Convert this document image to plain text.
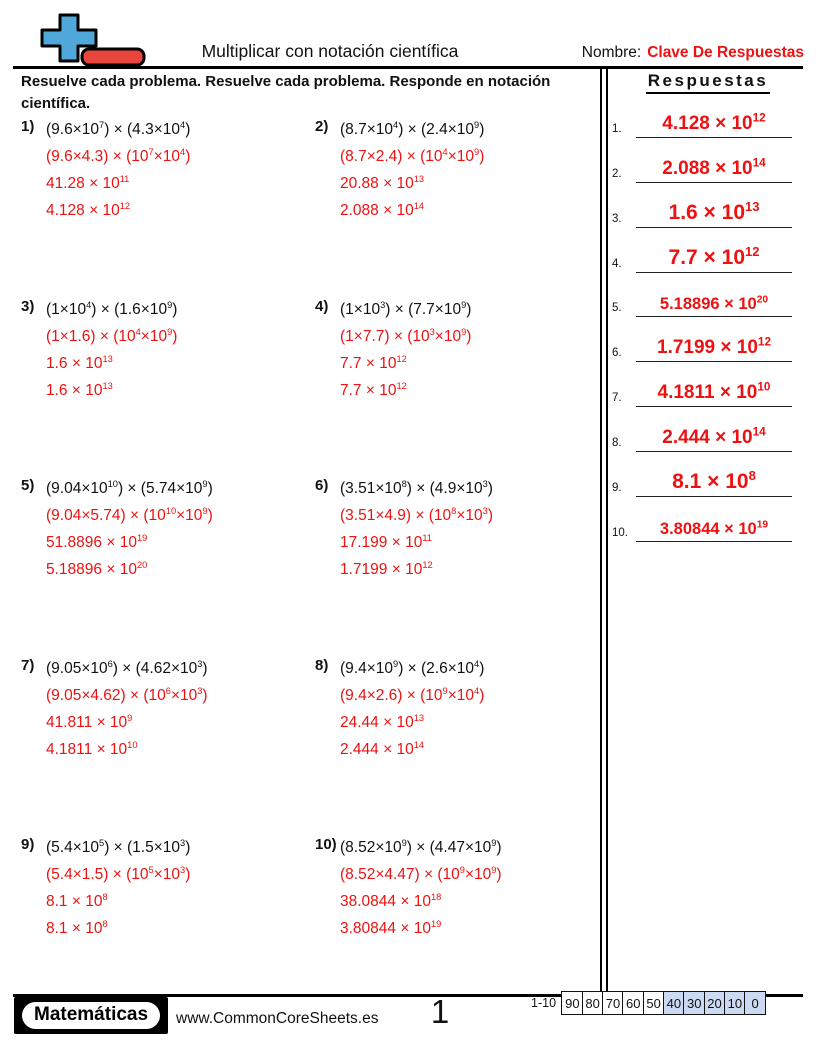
Multiplicar con notación científica	Nombre: Clave De Respuestas

Resuelve cada problema. Resuelve cada problema. Responde en notación científica.

1) $(9.6\times 10^7) \times (4.3\times 10^4)$
$(9.6\times 4.3) \times (10^7\times 10^4)$
$41.28 \times 10^{11}$
$4.128 \times 10^{12}$
2) $(8.7\times 10^4) \times (2.4\times 10^9)$
$(8.7\times 2.4) \times (10^4\times 10^9)$
$20.88 \times 10^{13}$
$2.088 \times 10^{14}$
3) $(1\times 10^4) \times (1.6\times 10^9)$
$(1\times 1.6) \times (10^4\times 10^9)$
$1.6 \times 10^{13}$
$1.6 \times 10^{13}$
4) $(1\times 10^3) \times (7.7\times 10^9)$
$(1\times 7.7) \times (10^3\times 10^9)$
$7.7 \times 10^{12}$
$7.7 \times 10^{12}$
5) $(9.04\times 10^{10}) \times (5.74\times 10^9)$
$(9.04\times 5.74) \times (10^{10}\times 10^9)$
$51.8896 \times 10^{19}$
$5.18896 \times 10^{20}$
6) $(3.51\times 10^8) \times (4.9\times 10^3)$
$(3.51\times 4.9) \times (10^8\times 10^3)$
$17.199 \times 10^{11}$
$1.7199 \times 10^{12}$
7) $(9.05\times 10^6) \times (4.62\times 10^3)$
$(9.05\times 4.62) \times (10^6\times 10^3)$
$41.811 \times 10^9$
$4.1811 \times 10^{10}$
8) $(9.4\times 10^9) \times (2.6\times 10^4)$
$(9.4\times 2.6) \times (10^9\times 10^4)$
$24.44 \times 10^{13}$
$2.444 \times 10^{14}$
9) $(5.4\times 10^5) \times (1.5\times 10^3)$
$(5.4\times 1.5) \times (10^5\times 10^3)$
$8.1 \times 10^8$
$8.1 \times 10^8$
10) $(8.52\times 10^9) \times (4.47\times 10^9)$
$(8.52\times 4.47) \times (10^9\times 10^9)$
$38.0844 \times 10^{18}$
$3.80844 \times 10^{19}$
Respuestas
1.	$4.128 \times 10^{12}$
2.	$2.088 \times 10^{14}$
3.	$1.6 \times 10^{13}$
4.	$7.7 \times 10^{12}$
5.	$5.18896 \times 10^{20}$
6.	$1.7199 \times 10^{12}$
7.	$4.1811 \times 10^{10}$
8.	$2.444 \times 10^{14}$
9.	$8.1 \times 10^8$
10.	$3.80844 \times 10^{19}$
Matemáticas	www.CommonCoreSheets.es	1	1-10 90 80 70 60 50 40 30 20 10 0
